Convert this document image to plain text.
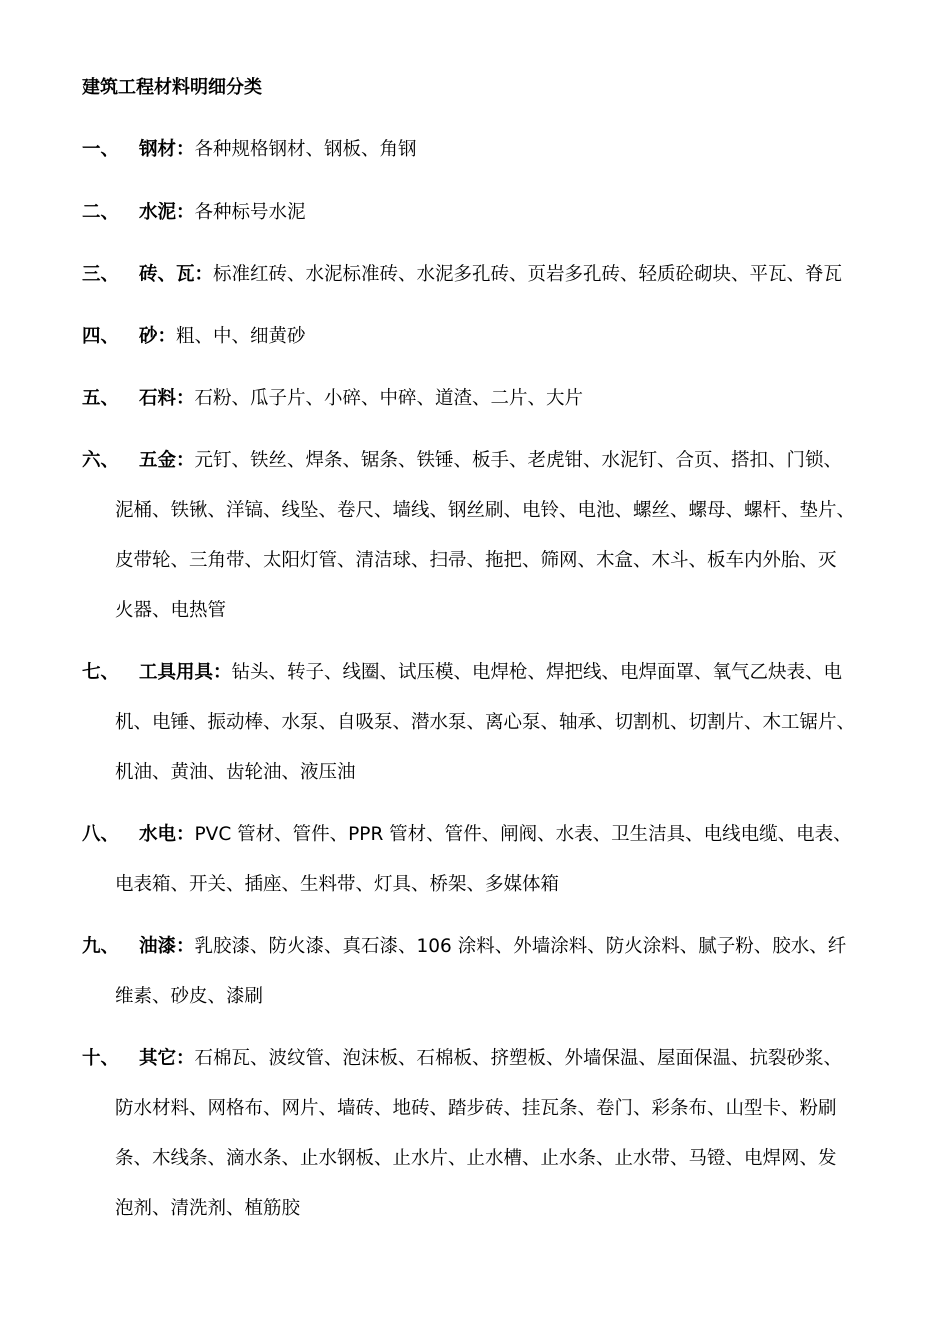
建筑工程材料明细分类
一、 钢材：各种规格钢材、钢板、角钢
二、 水泥：各种标号水泥
三、 砖、瓦：标准红砖、水泥标准砖、水泥多孔砖、页岩多孔砖、轻质砼砌块、平瓦、脊瓦
四、 砂：粗、中、细黄砂
五、 石料：石粉、瓜子片、小碎、中碎、道渣、二片、大片
六、 五金：元钉、铁丝、焊条、锯条、铁锤、板手、老虎钳、水泥钉、合页、搭扣、门锁、
泥桶、铁锹、洋镐、线坠、卷尺、墙线、钢丝刷、电铃、电池、螺丝、螺母、螺杆、垫片、
皮带轮、三角带、太阳灯管、清洁球、扫帚、拖把、筛网、木盒、木斗、板车内外胎、灭
火器、电热管
七、 工具用具：钻头、转子、线圈、试压模、电焊枪、焊把线、电焊面罩、氧气乙炔表、电
机、电锤、振动棒、水泵、自吸泵、潜水泵、离心泵、轴承、切割机、切割片、木工锯片、
机油、黄油、齿轮油、液压油
八、 水电：PVC 管材、管件、PPR 管材、管件、闸阀、水表、卫生洁具、电线电缆、电表、
电表箱、开关、插座、生料带、灯具、桥架、多媒体箱
九、 油漆：乳胶漆、防火漆、真石漆、106 涂料、外墙涂料、防火涂料、腻子粉、胶水、纤
维素、砂皮、漆刷
十、 其它：石棉瓦、波纹管、泡沫板、石棉板、挤塑板、外墙保温、屋面保温、抗裂砂浆、
防水材料、网格布、网片、墙砖、地砖、踏步砖、挂瓦条、卷门、彩条布、山型卡、粉刷
条、木线条、滴水条、止水钢板、止水片、止水槽、止水条、止水带、马镫、电焊网、发
泡剂、清洗剂、植筋胶
